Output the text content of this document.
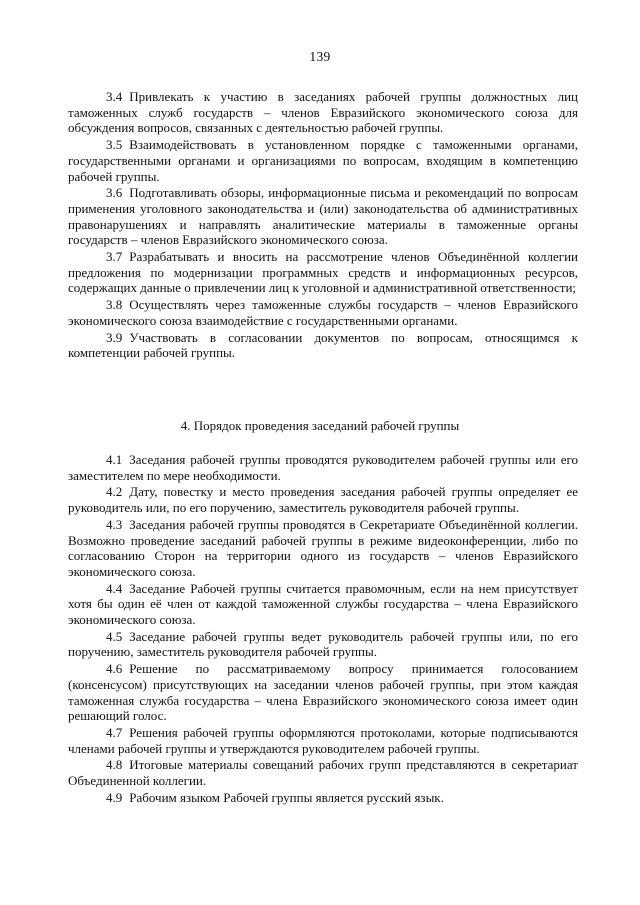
139

3.4 Привлекать к участию в заседаниях рабочей группы должностных лиц таможенных служб государств – членов Евразийского экономического союза для обсуждения вопросов, связанных с деятельностью рабочей группы.

3.5 Взаимодействовать в установленном порядке с таможенными органами, государственными органами и организациями по вопросам, входящим в компетенцию рабочей группы.

3.6 Подготавливать обзоры, информационные письма и рекомендаций по вопросам применения уголовного законодательства и (или) законодательства об административных правонарушениях и направлять аналитические материалы в таможенные органы государств – членов Евразийского экономического союза.

3.7 Разрабатывать и вносить на рассмотрение членов Объединённой коллегии предложения по модернизации программных средств и информационных ресурсов, содержащих данные о привлечении лиц к уголовной и административной ответственности;

3.8 Осуществлять через таможенные службы государств – членов Евразийского экономического союза взаимодействие с государственными органами.

3.9 Участвовать в согласовании документов по вопросам, относящимся к компетенции рабочей группы.

4. Порядок проведения заседаний рабочей группы

4.1 Заседания рабочей группы проводятся руководителем рабочей группы или его заместителем по мере необходимости.

4.2 Дату, повестку и место проведения заседания рабочей группы определяет ее руководитель или, по его поручению, заместитель руководителя рабочей группы.

4.3 Заседания рабочей группы проводятся в Секретариате Объединённой коллегии. Возможно проведение заседаний рабочей группы в режиме видеоконференции, либо по согласованию Сторон на территории одного из государств – членов Евразийского экономического союза.

4.4 Заседание Рабочей группы считается правомочным, если на нем присутствует хотя бы один её член от каждой таможенной службы государства – члена Евразийского экономического союза.

4.5 Заседание рабочей группы ведет руководитель рабочей группы или, по его поручению, заместитель руководителя рабочей группы.

4.6 Решение по рассматриваемому вопросу принимается голосованием (консенсусом) присутствующих на заседании членов рабочей группы, при этом каждая таможенная служба государства – члена Евразийского экономического союза имеет один решающий голос.

4.7 Решения рабочей группы оформляются протоколами, которые подписываются членами рабочей группы и утверждаются руководителем рабочей группы.

4.8 Итоговые материалы совещаний рабочих групп представляются в секретариат Объединенной коллегии.

4.9 Рабочим языком Рабочей группы является русский язык.
